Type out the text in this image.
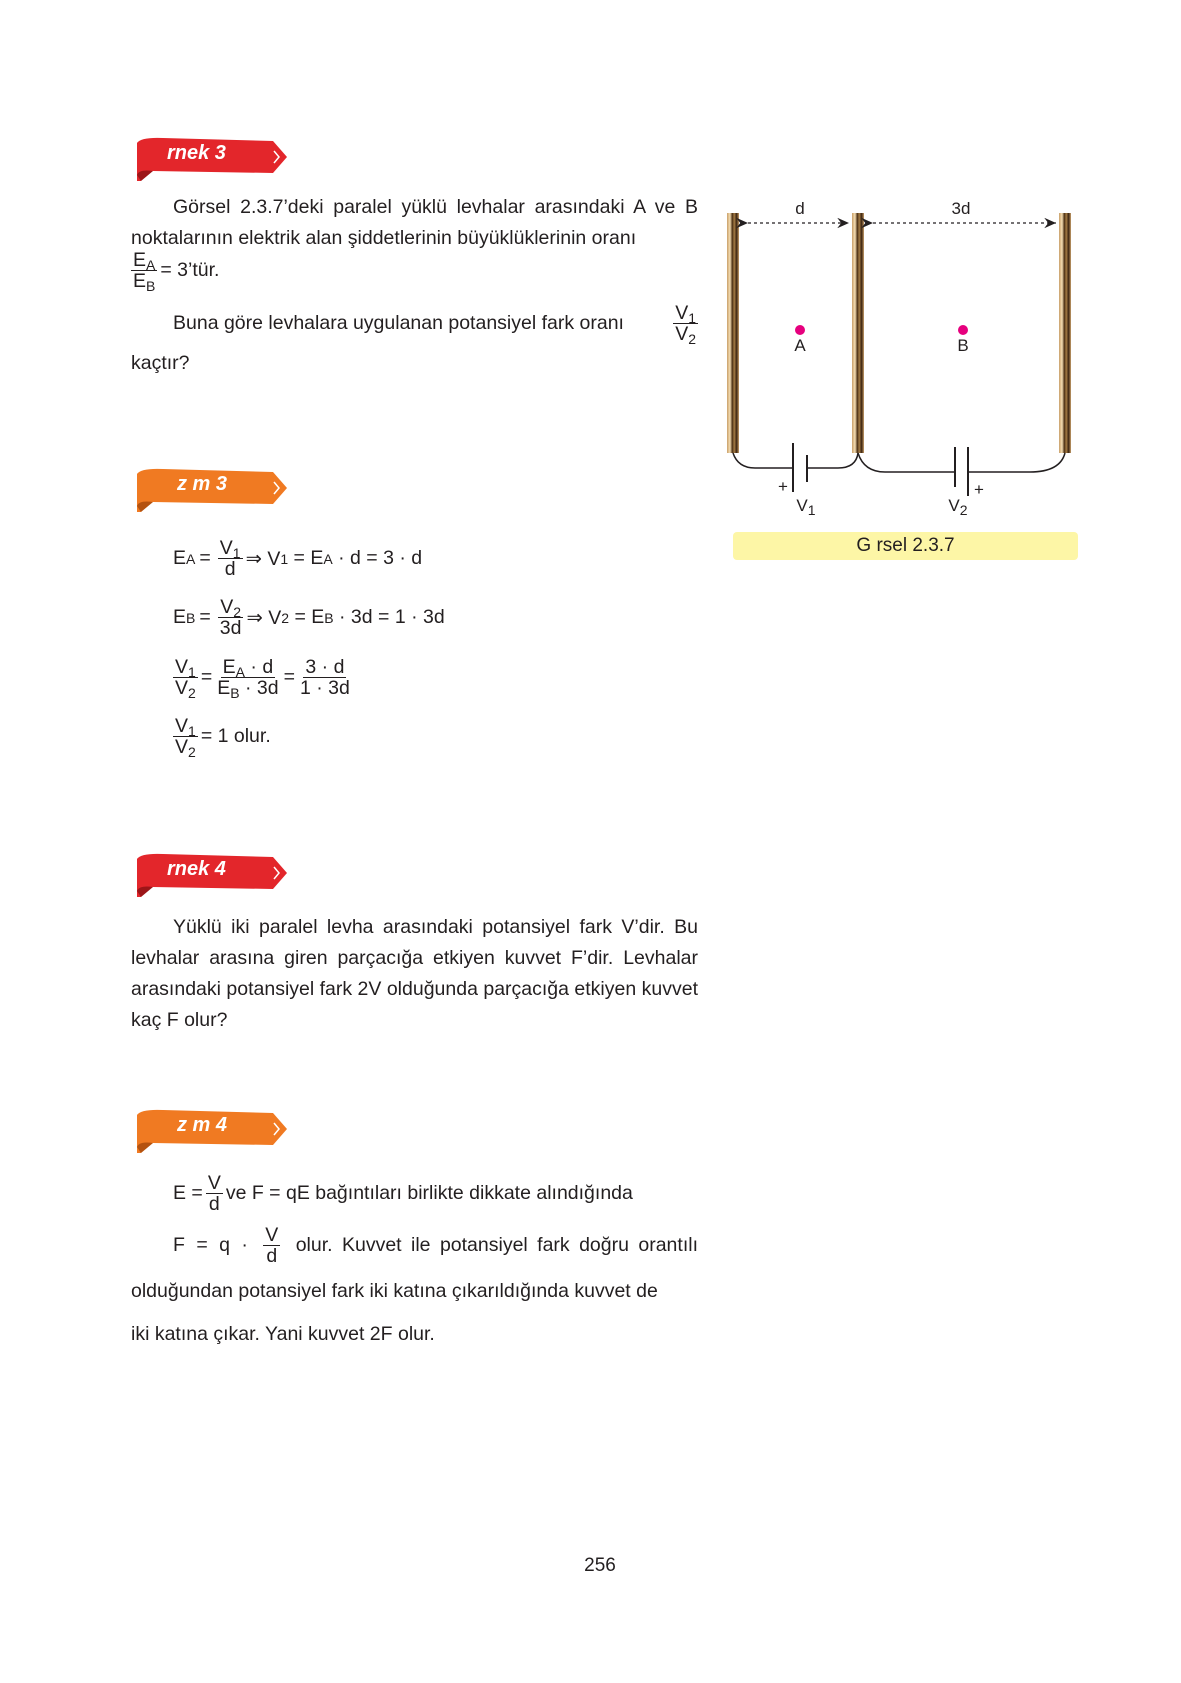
rnek 3
Görsel 2.3.7’deki paralel yüklü levhalar arasındaki A ve B noktalarının elektrik alan şiddetlerinin büyüklüklerinin oranı
$\frac{E_A}{E_B}$ = 3’tür.
Buna göre levhalara uygulanan potansiyel fark oranı	$\frac{V_1}{V_2}$
kaçtır?
d	3d
A	B
+	+
$V_1$	$V_2$
G rsel 2.3.7
z m 3
E $A = \frac{V_1}{d}$ ⇒ V 1
= E A
· d = 3 · d
E $B = \frac{V_2}{3d}$ ⇒ V 2
= E B
· 3d = 1 · 3d
$\frac{V_1}{V_2} = \frac{E_A \cdot d}{E_B \cdot 3d} = \frac{3 \cdot d}{1 \cdot 3d}$
$\frac{V_1}{V_2} = 1$ olur.
rnek 4
Yüklü iki paralel levha arasındaki potansiyel fark V’dir. Bu levhalar arasına giren parçacığa etkiyen kuvvet F’dir. Levhalar arasındaki potansiyel fark 2V olduğunda parçacığa etkiyen kuvvet kaç F olur?
z m 4
$E = \frac{V}{d}$ ve F = qE bağıntıları birlikte dikkate alındığında
$F = q \cdot \frac{V}{d}$ olur. Kuvvet ile potansiyel fark doğru orantılı
olduğundan potansiyel fark iki katına çıkarıldığında kuvvet de
iki katına çıkar. Yani kuvvet 2F olur.
256
